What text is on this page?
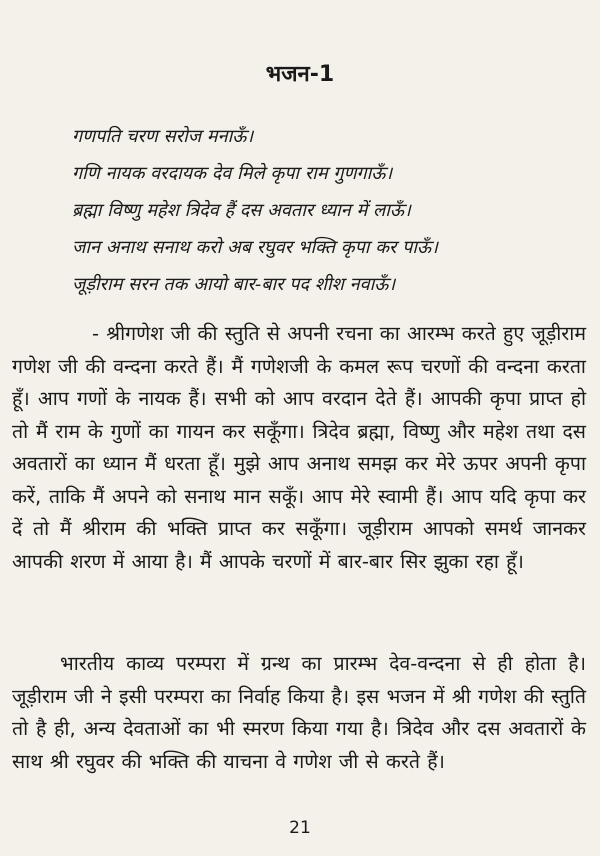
भजन-1
गणपति चरण सरोज मनाऊँ।
गणि नायक वरदायक देव मिले कृपा राम गुणगाऊँ।
ब्रह्मा विष्णु महेश त्रिदेव हैं दस अवतार ध्यान में लाऊँ।
जान अनाथ सनाथ करो अब रघुवर भक्ति कृपा कर पाऊँ।
जूड़ीराम सरन तक आयो बार-बार पद शीश नवाऊँ।
- श्रीगणेश जी की स्तुति से अपनी रचना का आरम्भ करते हुए जूड़ीराम गणेश जी की वन्दना करते हैं। मैं गणेशजी के कमल रूप चरणों की वन्दना करता हूँ। आप गणों के नायक हैं। सभी को आप वरदान देते हैं। आपकी कृपा प्राप्त हो तो मैं राम के गुणों का गायन कर सकूँगा। त्रिदेव ब्रह्मा, विष्णु और महेश तथा दस अवतारों का ध्यान मैं धरता हूँ। मुझे आप अनाथ समझ कर मेरे ऊपर अपनी कृपा करें, ताकि मैं अपने को सनाथ मान सकूँ। आप मेरे स्वामी हैं। आप यदि कृपा कर दें तो मैं श्रीराम की भक्ति प्राप्त कर सकूँगा। जूड़ीराम आपको समर्थ जानकर आपकी शरण में आया है। मैं आपके चरणों में बार-बार सिर झुका रहा हूँ।
भारतीय काव्य परम्परा में ग्रन्थ का प्रारम्भ देव-वन्दना से ही होता है। जूड़ीराम जी ने इसी परम्परा का निर्वाह किया है। इस भजन में श्री गणेश की स्तुति तो है ही, अन्य देवताओं का भी स्मरण किया गया है। त्रिदेव और दस अवतारों के साथ श्री रघुवर की भक्ति की याचना वे गणेश जी से करते हैं।
21
